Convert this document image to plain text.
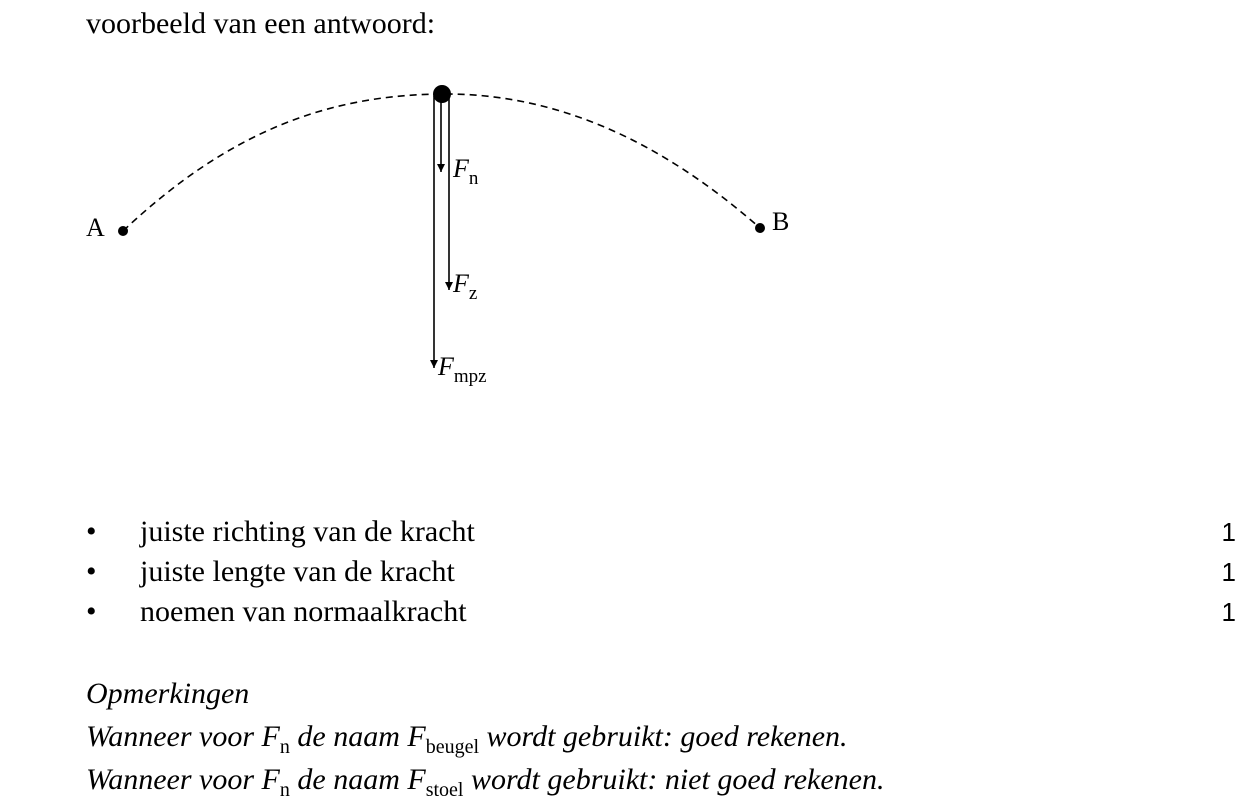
voorbeeld van een antwoord:
A	B
$F_n$
$F_z$
$F_{mpz}$
• juiste richting van de kracht	1
• juiste lengte van de kracht	1
• noemen van normaalkracht	1
Opmerkingen
Wanneer voor $F_n$ de naam $F_{beugel}$ wordt gebruikt: goed rekenen.
Wanneer voor $F_n$ de naam $F_{stoel}$ wordt gebruikt: niet goed rekenen.
